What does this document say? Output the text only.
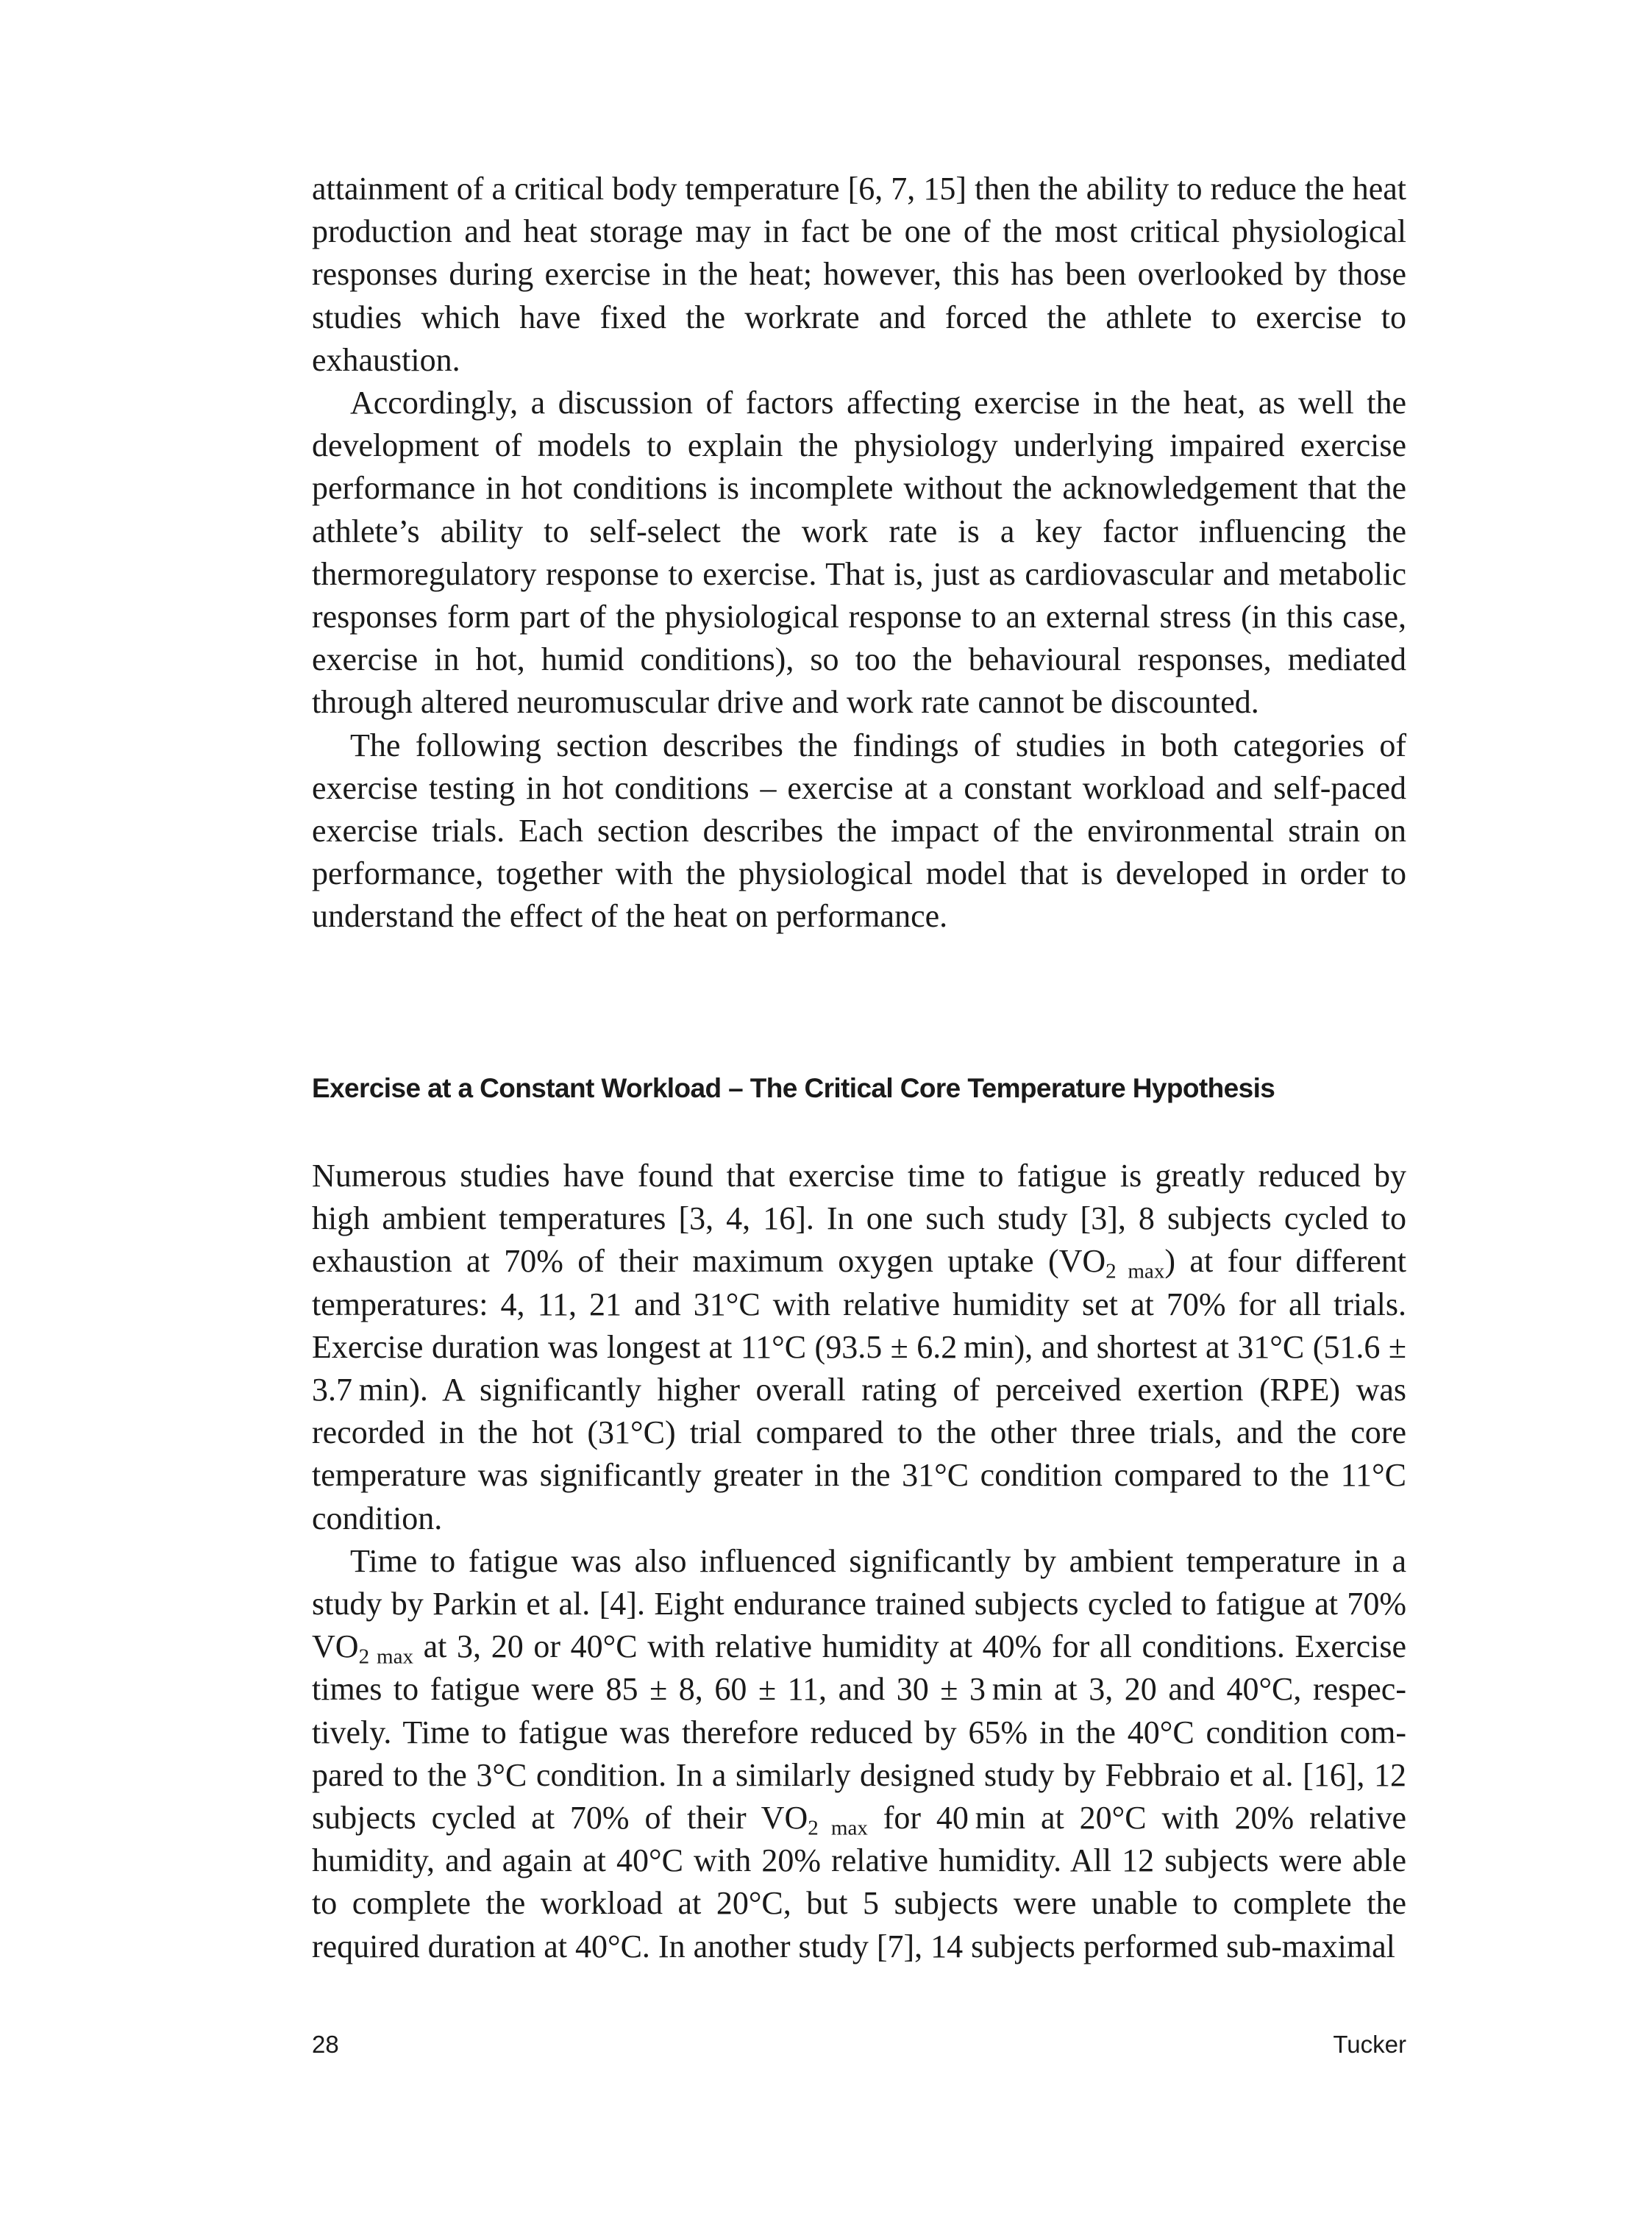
attainment of a critical body temperature [6, 7, 15] then the ability to reduce the heat production and heat storage may in fact be one of the most critical physiological responses during exercise in the heat; however, this has been overlooked by those studies which have fixed the workrate and forced the athlete to exercise to exhaustion.

Accordingly, a discussion of factors affecting exercise in the heat, as well the development of models to explain the physiology underlying impaired exercise performance in hot conditions is incomplete without the acknowledgement that the athlete’s ability to self-select the work rate is a key factor influencing the thermoregulatory response to exercise. That is, just as cardiovascular and metabolic responses form part of the physiological response to an external stress (in this case, exercise in hot, humid conditions), so too the behavioural responses, mediated through altered neuromuscular drive and work rate cannot be discounted.

The following section describes the findings of studies in both categories of exercise testing in hot conditions – exercise at a constant workload and self-paced exercise trials. Each section describes the impact of the environmental strain on performance, together with the physiological model that is developed in order to understand the effect of the heat on performance.

Exercise at a Constant Workload – The Critical Core Temperature Hypothesis

Numerous studies have found that exercise time to fatigue is greatly reduced by high ambient temperatures [3, 4, 16]. In one such study [3], 8 subjects cycled to exhaustion at 70% of their maximum oxygen uptake $(VO_{2 max})$ at four different temperatures: 4, 11, 21 and 31°C with relative humidity set at 70% for all trials. Exercise duration was longest at 11°C (93.5 ± 6.2 min), and shortest at 31°C (51.6 ± 3.7 min). A significantly higher overall rating of perceived exertion (RPE) was recorded in the hot (31°C) trial compared to the other three trials, and the core temperature was significantly greater in the 31°C condition compared to the 11°C condition.

Time to fatigue was also influenced significantly by ambient temperature in a study by Parkin et al. [4]. Eight endurance trained subjects cycled to fatigue at 70% $VO_{2 max}$ at 3, 20 or 40°C with relative humidity at 40% for all conditions. Exercise times to fatigue were 85 ± 8, 60 ± 11, and 30 ± 3 min at 3, 20 and 40°C, respectively. Time to fatigue was therefore reduced by 65% in the 40°C condition compared to the 3°C condition. In a similarly designed study by Febbraio et al. [16], 12 subjects cycled at 70% of their $VO_{2 max}$ for 40 min at 20°C with 20% relative humidity, and again at 40°C with 20% relative humidity. All 12 subjects were able to complete the workload at 20°C, but 5 subjects were unable to complete the required duration at 40°C. In another study [7], 14 subjects performed sub-maximal

28	Tucker
